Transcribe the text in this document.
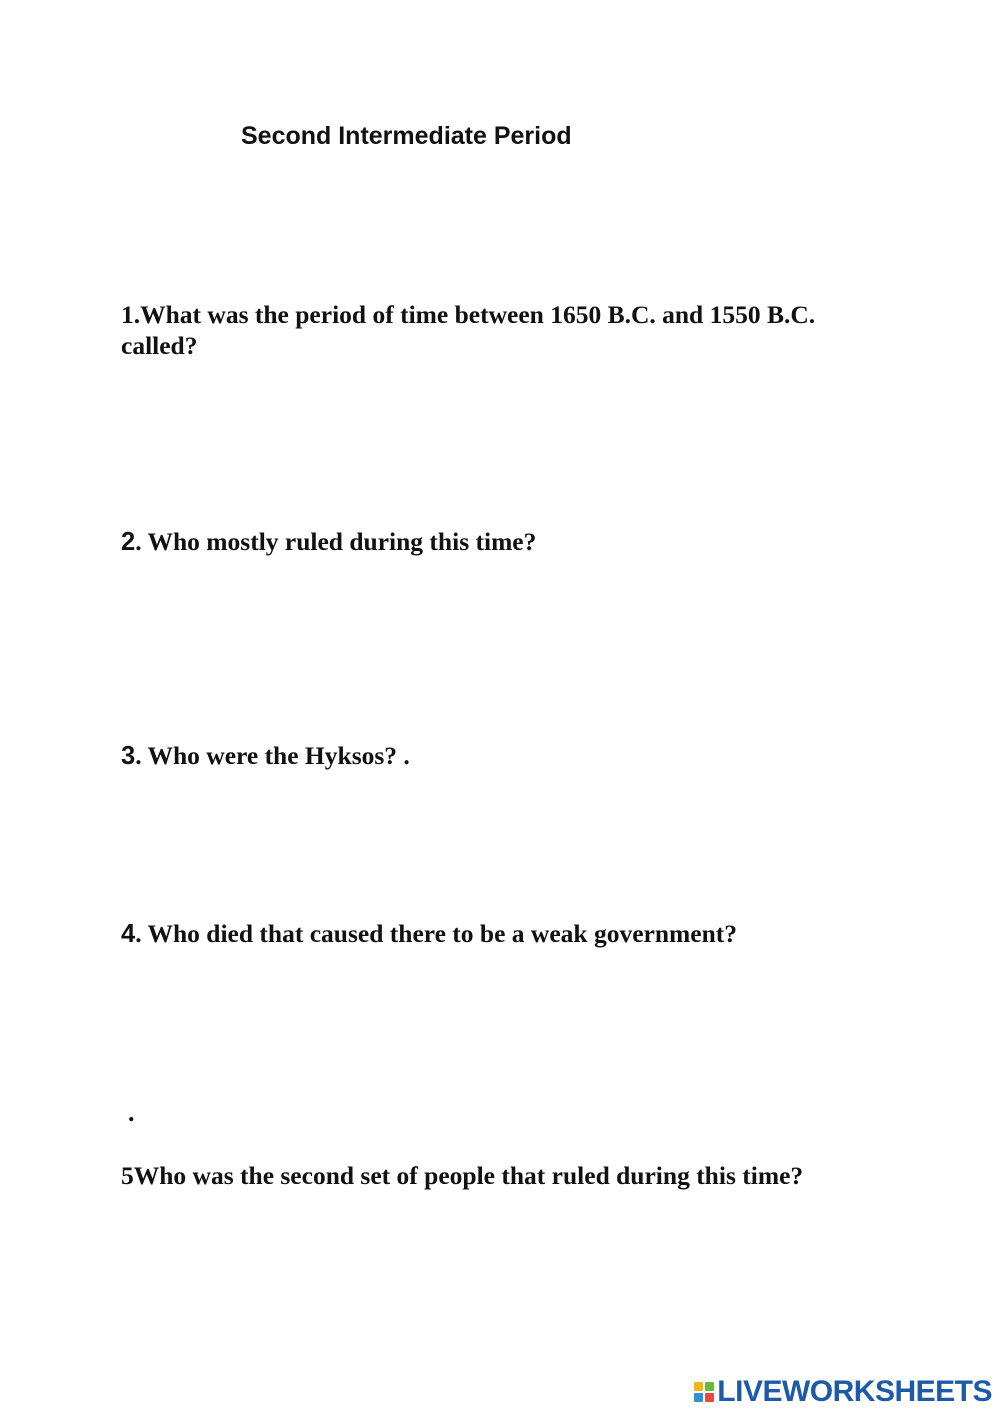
Second Intermediate Period
1.What was the period of time between 1650 B.C. and 1550 B.C. called?
2. Who mostly ruled during this time?
3. Who were the Hyksos? .
4. Who died that caused there to be a weak government?
.
5Who was the second set of people that ruled during this time?
LIVEWORKSHEETS
